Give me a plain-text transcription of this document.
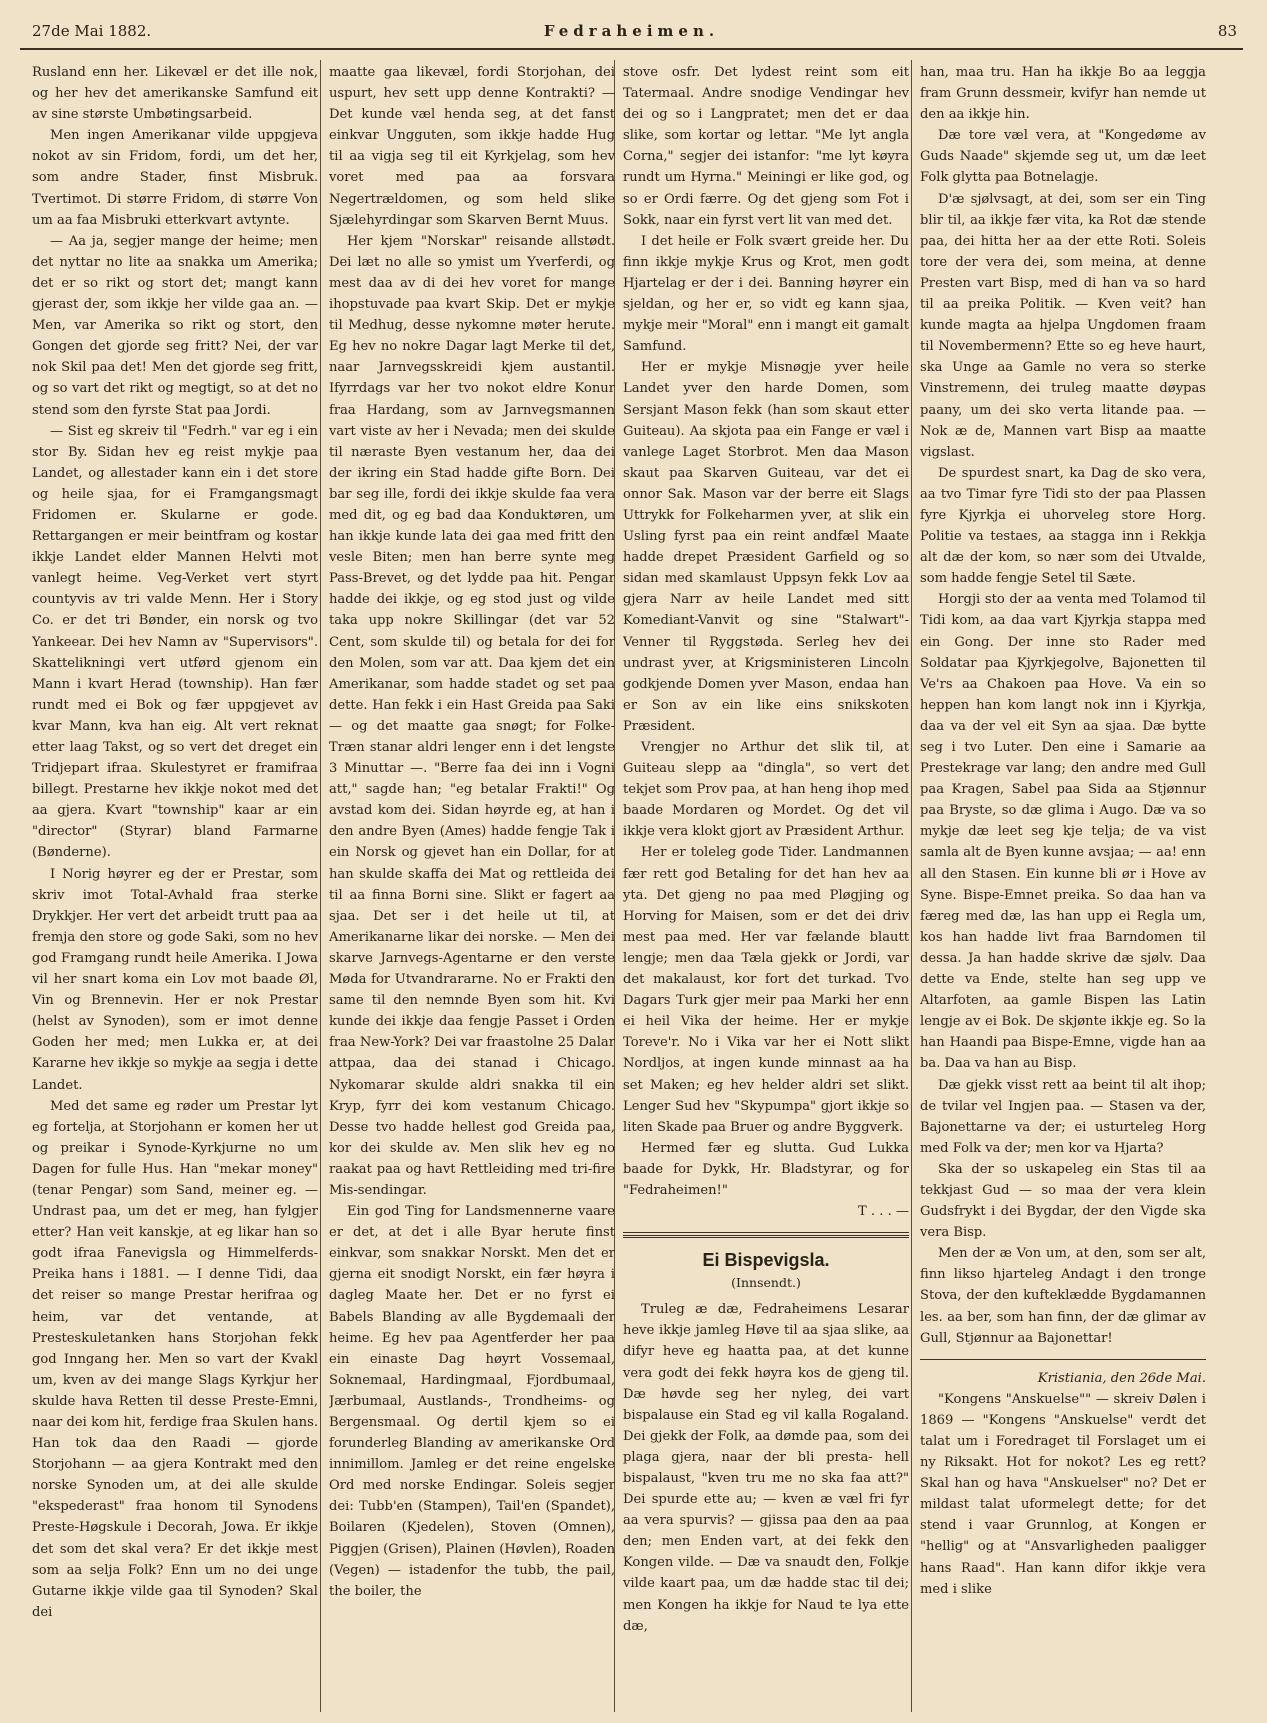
27de Mai 1882.	Fedraheimen.	83

Rusland enn her. Likevæl er det ille nok, og her hev det amerikanske Samfund eit av sine største Umbøtingsarbeid.

Men ingen Amerikanar vilde uppgjeva nokot av sin Fridom, fordi, um det her, som andre Stader, finst Misbruk. Tvertimot. Di større Fridom, di større Von um aa faa Misbruki etterkvart avtynte.

— Aa ja, segjer mange der heime; men det nyttar no lite aa snakka um Amerika; det er so rikt og stort det; mangt kann gjerast der, som ikkje her vilde gaa an. — Men, var Amerika so rikt og stort, den Gongen det gjorde seg fritt? Nei, der var nok Skil paa det! Men det gjorde seg fritt, og so vart det rikt og megtigt, so at det no stend som den fyrste Stat paa Jordi.

— Sist eg skreiv til "Fedrh." var eg i ein stor By. Sidan hev eg reist mykje paa Landet, og allestader kann ein i det store og heile sjaa, for ei Framgangsmagt Fridomen er. Skularne er gode. Rettargangen er meir beintfram og kostar ikkje Landet elder Mannen Helvti mot vanlegt heime. Veg-Verket vert styrt countyvis av tri valde Menn. Her i Story Co. er det tri Bønder, ein norsk og tvo Yankeear. Dei hev Namn av "Supervisors". Skattelikningi vert utførd gjenom ein Mann i kvart Herad (township). Han fær rundt med ei Bok og fær uppgjevet av kvar Mann, kva han eig. Alt vert reknat etter laag Takst, og so vert det dreget ein Tridjepart ifraa. Skulestyret er framifraa billegt. Prestarne hev ikkje nokot med det aa gjera. Kvart "township" kaar ar ein "director" (Styrar) bland Farmarne (Bønderne).

I Norig høyrer eg der er Prestar, som skriv imot Total-Avhald fraa sterke Drykkjer. Her vert det arbeidt trutt paa aa fremja den store og gode Saki, som no hev god Framgang rundt heile Amerika. I Jowa vil her snart koma ein Lov mot baade Øl, Vin og Brennevin. Her er nok Prestar (helst av Synoden), som er imot denne Goden her med; men Lukka er, at dei Kararne hev ikkje so mykje aa segja i dette Landet.

Med det same eg røder um Prestar lyt eg fortelja, at Storjohann er komen her ut og preikar i Synode-Kyrkjurne no um Dagen for fulle Hus. Han "mekar money" (tenar Pengar) som Sand, meiner eg. — Undrast paa, um det er meg, han fylgjer etter? Han veit kanskje, at eg likar han so godt ifraa Fanevigsla og Himmelferds-Preika hans i 1881. — I denne Tidi, daa det reiser so mange Prestar herifraa og heim, var det ventande, at Presteskuletanken hans Storjohan fekk god Inngang her. Men so vart der Kvakl um, kven av dei mange Slags Kyrkjur her skulde hava Retten til desse Preste-Emni, naar dei kom hit, ferdige fraa Skulen hans. Han tok daa den Raadi — gjorde Storjohann — aa gjera Kontrakt med den norske Synoden um, at dei alle skulde "ekspederast" fraa honom til Synodens Preste-Høgskule i Decorah, Jowa. Er ikkje det som det skal vera? Er det ikkje mest som aa selja Folk? Enn um no dei unge Gutarne ikkje vilde gaa til Synoden? Skal dei

maatte gaa likevæl, fordi Storjohan, dei uspurt, hev sett upp denne Kontrakti? — Det kunde væl henda seg, at det fanst einkvar Ungguten, som ikkje hadde Hug til aa vigja seg til eit Kyrkjelag, som hev voret med paa aa forsvara Negertrældomen, og som held slike Sjælehyrdingar som Skarven Bernt Muus.

Her kjem "Norskar" reisande allstødt. Dei læt no alle so ymist um Yverferdi, og mest daa av di dei hev voret for mange ihopstuvade paa kvart Skip. Det er mykje til Medhug, desse nykomne møter herute. Eg hev no nokre Dagar lagt Merke til det, naar Jarnvegsskreidi kjem austantil. Ifyrrdags var her tvo nokot eldre Konur fraa Hardang, som av Jarnvegsmannen vart viste av her i Nevada; men dei skulde til næraste Byen vestanum her, daa dei der ikring ein Stad hadde gifte Born. Dei bar seg ille, fordi dei ikkje skulde faa vera med dit, og eg bad daa Konduktøren, um han ikkje kunde lata dei gaa med fritt den vesle Biten; men han berre synte meg Pass-Brevet, og det lydde paa hit. Pengar hadde dei ikkje, og eg stod just og vilde taka upp nokre Skillingar (det var 52 Cent, som skulde til) og betala for dei for den Molen, som var att. Daa kjem det ein Amerikanar, som hadde stadet og set paa dette. Han fekk i ein Hast Greida paa Saki — og det maatte gaa snøgt; for Folke-Træn stanar aldri lenger enn i det lengste 3 Minuttar —. "Berre faa dei inn i Vogni att," sagde han; "eg betalar Frakti!" Og avstad kom dei. Sidan høyrde eg, at han i den andre Byen (Ames) hadde fengje Tak i ein Norsk og gjevet han ein Dollar, for at han skulde skaffa dei Mat og rettleida dei til aa finna Borni sine. Slikt er fagert aa sjaa. Det ser i det heile ut til, at Amerikanarne likar dei norske. — Men dei skarve Jarnvegs-Agentarne er den verste Møda for Utvandrararne. No er Frakti den same til den nemnde Byen som hit. Kvi kunde dei ikkje daa fengje Passet i Orden fraa New-York? Dei var fraastolne 25 Dalar attpaa, daa dei stanad i Chicago. Nykomarar skulde aldri snakka til ein Kryp, fyrr dei kom vestanum Chicago. Desse tvo hadde hellest god Greida paa, kor dei skulde av. Men slik hev eg no raakat paa og havt Rettleiding med tri-fire Mis-sendingar.

Ein god Ting for Landsmennerne vaare er det, at det i alle Byar herute finst einkvar, som snakkar Norskt. Men det er gjerna eit snodigt Norskt, ein fær høyra i dagleg Maate her. Det er no fyrst ei Babels Blanding av alle Bygdemaali der heime. Eg hev paa Agentferder her paa ein einaste Dag høyrt Vossemaal, Soknemaal, Hardingmaal, Fjordbumaal, Jærbumaal, Austlands-, Trondheims- og Bergensmaal. Og dertil kjem so ei forunderleg Blanding av amerikanske Ord innimillom. Jamleg er det reine engelske Ord med norske Endingar. Soleis segjer dei: Tubb'en (Stampen), Tail'en (Spandet), Boilaren (Kjedelen), Stoven (Omnen), Piggjen (Grisen), Plainen (Høvlen), Roaden (Vegen) — istadenfor the tubb, the pail, the boiler, the

stove osfr. Det lydest reint som eit Tatermaal. Andre snodige Vendingar hev dei og so i Langpratet; men det er daa slike, som kortar og lettar. "Me lyt angla Corna," segjer dei istanfor: "me lyt køyra rundt um Hyrna." Meiningi er like god, og so er Ordi færre. Og det gjeng som Fot i Sokk, naar ein fyrst vert lit van med det.

I det heile er Folk svært greide her. Du finn ikkje mykje Krus og Krot, men godt Hjartelag er der i dei. Banning høyrer ein sjeldan, og her er, so vidt eg kann sjaa, mykje meir "Moral" enn i mangt eit gamalt Samfund.

Her er mykje Misnøgje yver heile Landet yver den harde Domen, som Sersjant Mason fekk (han som skaut etter Guiteau). Aa skjota paa ein Fange er væl i vanlege Laget Storbrot. Men daa Mason skaut paa Skarven Guiteau, var det ei onnor Sak. Mason var der berre eit Slags Uttrykk for Folkeharmen yver, at slik ein Usling fyrst paa ein reint andfæl Maate hadde drepet Præsident Garfield og so sidan med skamlaust Uppsyn fekk Lov aa gjera Narr av heile Landet med sitt Komediant-Vanvit og sine "Stalwart"-Venner til Ryggstøda. Serleg hev dei undrast yver, at Krigsministeren Lincoln godkjende Domen yver Mason, endaa han er Son av ein like eins snikskoten Præsident.

Vrengjer no Arthur det slik til, at Guiteau slepp aa "dingla", so vert det tekjet som Prov paa, at han heng ihop med baade Mordaren og Mordet. Og det vil ikkje vera klokt gjort av Præsident Arthur.

Her er toleleg gode Tider. Landmannen fær rett god Betaling for det han hev aa yta. Det gjeng no paa med Pløgjing og Horving for Maisen, som er det dei driv mest paa med. Her var fælande blautt lengje; men daa Tæla gjekk or Jordi, var det makalaust, kor fort det turkad. Tvo Dagars Turk gjer meir paa Marki her enn ei heil Vika der heime. Her er mykje Toreve'r. No i Vika var her ei Nott slikt Nordljos, at ingen kunde minnast aa ha set Maken; eg hev helder aldri set slikt. Lenger Sud hev "Skypumpa" gjort ikkje so liten Skade paa Bruer og andre Byggverk.

Hermed fær eg slutta. Gud Lukka baade for Dykk, Hr. Bladstyrar, og for "Fedraheimen!"

T . . . —
Ei Bispevigsla.
(Innsendt.)

Truleg æ dæ, Fedraheimens Lesarar heve ikkje jamleg Høve til aa sjaa slike, aa difyr heve eg haatta paa, at det kunne vera godt dei fekk høyra kos de gjeng til. Dæ høvde seg her nyleg, dei vart bispalause ein Stad eg vil kalla Rogaland. Dei gjekk der Folk, aa dømde paa, som dei plaga gjera, naar der bli presta- hell bispalaust, "kven tru me no ska faa att?" Dei spurde ette au; — kven æ væl fri fyr aa vera spurvis? — gjissa paa den aa paa den; men Enden vart, at dei fekk den Kongen vilde. — Dæ va snaudt den, Folkje vilde kaart paa, um dæ hadde stac til dei; men Kongen ha ikkje for Naud te lya ette dæ,

han, maa tru. Han ha ikkje Bo aa leggja fram Grunn dessmeir, kvifyr han nemde ut den aa ikkje hin.

Dæ tore væl vera, at "Kongedøme av Guds Naade" skjemde seg ut, um dæ leet Folk glytta paa Botnelagje.

D'æ sjølvsagt, at dei, som ser ein Ting blir til, aa ikkje fær vita, ka Rot dæ stende paa, dei hitta her aa der ette Roti. Soleis tore der vera dei, som meina, at denne Presten vart Bisp, med di han va so hard til aa preika Politik. — Kven veit? han kunde magta aa hjelpa Ungdomen fraam til Novembermenn? Ette so eg heve haurt, ska Unge aa Gamle no vera so sterke Vinstremenn, dei truleg maatte døypas paany, um dei sko verta litande paa. — Nok æ de, Mannen vart Bisp aa maatte vigslast.

De spurdest snart, ka Dag de sko vera, aa tvo Timar fyre Tidi sto der paa Plassen fyre Kjyrkja ei uhorveleg store Horg. Politie va testaes, aa stagga inn i Rekkja alt dæ der kom, so nær som dei Utvalde, som hadde fengje Setel til Sæte.

Horgji sto der aa venta med Tolamod til Tidi kom, aa daa vart Kjyrkja stappa med ein Gong. Der inne sto Rader med Soldatar paa Kjyrkjegolve, Bajonetten til Ve'rs aa Chakoen paa Hove. Va ein so heppen han kom langt nok inn i Kjyrkja, daa va der vel eit Syn aa sjaa. Dæ bytte seg i tvo Luter. Den eine i Samarie aa Prestekrage var lang; den andre med Gull paa Kragen, Sabel paa Sida aa Stjønnur paa Bryste, so dæ glima i Augo. Dæ va so mykje dæ leet seg kje telja; de va vist samla alt de Byen kunne avsjaa; — aa! enn all den Stasen. Ein kunne bli ør i Hove av Syne. Bispe-Emnet preika. So daa han va færeg med dæ, las han upp ei Regla um, kos han hadde livt fraa Barndomen til dessa. Ja han hadde skrive dæ sjølv. Daa dette va Ende, stelte han seg upp ve Altarfoten, aa gamle Bispen las Latin lengje av ei Bok. De skjønte ikkje eg. So la han Haandi paa Bispe-Emne, vigde han aa ba. Daa va han au Bisp.

Dæ gjekk visst rett aa beint til alt ihop; de tvilar vel Ingjen paa. — Stasen va der, Bajonettarne va der; ei usturteleg Horg med Folk va der; men kor va Hjarta?

Ska der so uskapeleg ein Stas til aa tekkjast Gud — so maa der vera klein Gudsfrykt i dei Bygdar, der den Vigde ska vera Bisp.

Men der æ Von um, at den, som ser alt, finn likso hjarteleg Andagt i den tronge Stova, der den kufteklædde Bygdamannen les. aa ber, som han finn, der dæ glimar av Gull, Stjønnur aa Bajonettar!

Kristiania, den 26de Mai.

"Kongens "Anskuelse"" — skreiv Dølen i 1869 — "Kongens "Anskuelse" verdt det talat um i Foredraget til Forslaget um ei ny Riksakt. Hot for nokot? Les eg rett? Skal han og hava "Anskuelser" no? Det er mildast talat uformelegt dette; for det stend i vaar Grunnlog, at Kongen er "hellig" og at "Ansvarligheden paaligger hans Raad". Han kann difor ikkje vera med i slike
